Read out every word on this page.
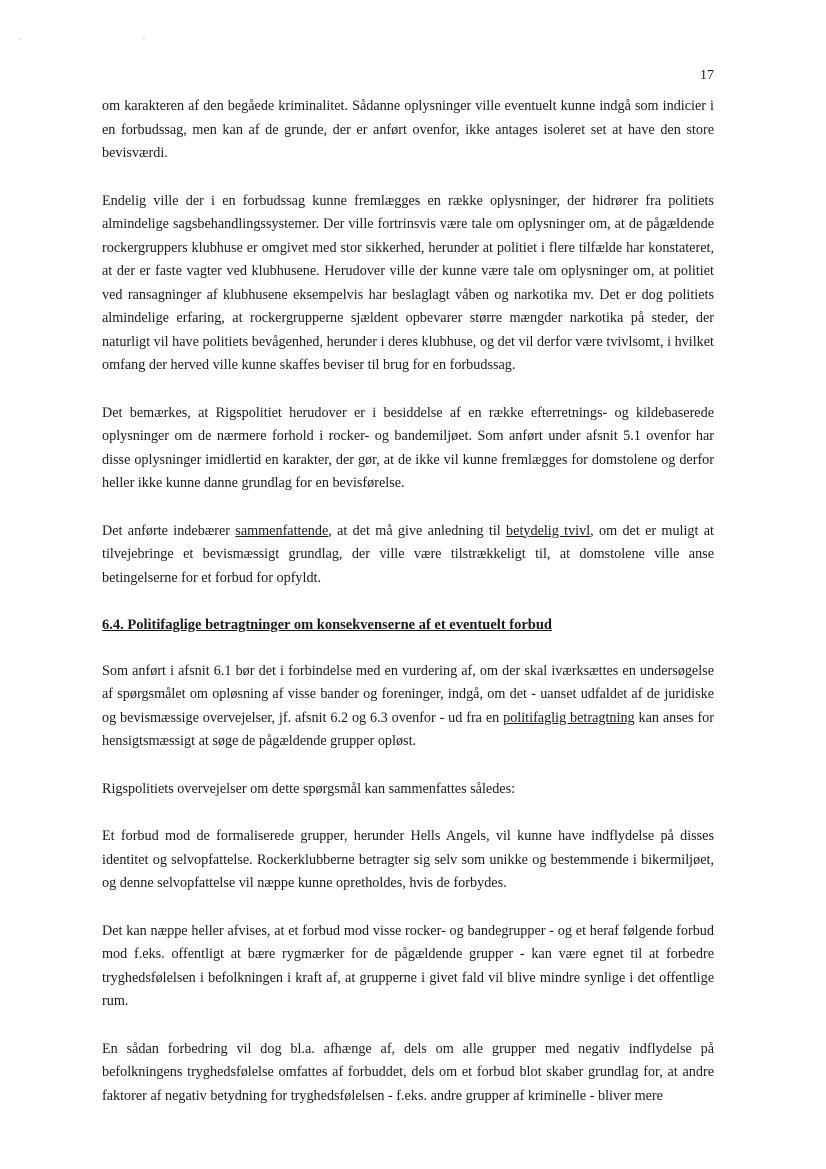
· ·
17

om karakteren af den begåede kriminalitet. Sådanne oplysninger ville eventuelt kunne indgå som indicier i en forbudssag, men kan af de grunde, der er anført ovenfor, ikke antages isoleret set at have den store bevisværdi.

Endelig ville der i en forbudssag kunne fremlægges en række oplysninger, der hidrører fra politiets almindelige sagsbehandlingssystemer. Der ville fortrinsvis være tale om oplysninger om, at de pågældende rockergruppers klubhuse er omgivet med stor sikkerhed, herunder at politiet i flere tilfælde har konstateret, at der er faste vagter ved klubhusene. Herudover ville der kunne være tale om oplysninger om, at politiet ved ransagninger af klubhusene eksempelvis har beslaglagt våben og narkotika mv. Det er dog politiets almindelige erfaring, at rockergrupperne sjældent opbevarer større mængder narkotika på steder, der naturligt vil have politiets bevågenhed, herunder i deres klubhuse, og det vil derfor være tvivlsomt, i hvilket omfang der herved ville kunne skaffes beviser til brug for en forbudssag.

Det bemærkes, at Rigspolitiet herudover er i besiddelse af en række efterretnings- og kildebaserede oplysninger om de nærmere forhold i rocker- og bandemiljøet. Som anført under afsnit 5.1 ovenfor har disse oplysninger imidlertid en karakter, der gør, at de ikke vil kunne fremlægges for domstolene og derfor heller ikke kunne danne grundlag for en bevisførelse.

Det anførte indebærer sammenfattende, at det må give anledning til betydelig tvivl, om det er muligt at tilvejebringe et bevismæssigt grundlag, der ville være tilstrækkeligt til, at domstolene ville anse betingelserne for et forbud for opfyldt.

6.4. Politifaglige betragtninger om konsekvenserne af et eventuelt forbud

Som anført i afsnit 6.1 bør det i forbindelse med en vurdering af, om der skal iværksættes en undersøgelse af spørgsmålet om opløsning af visse bander og foreninger, indgå, om det - uanset udfaldet af de juridiske og bevismæssige overvejelser, jf. afsnit 6.2 og 6.3 ovenfor - ud fra en politifaglig betragtning kan anses for hensigtsmæssigt at søge de pågældende grupper opløst.

Rigspolitiets overvejelser om dette spørgsmål kan sammenfattes således:

Et forbud mod de formaliserede grupper, herunder Hells Angels, vil kunne have indflydelse på disses identitet og selvopfattelse. Rockerklubberne betragter sig selv som unikke og bestemmende i bikermiljøet, og denne selvopfattelse vil næppe kunne opretholdes, hvis de forbydes.

Det kan næppe heller afvises, at et forbud mod visse rocker- og bandegrupper - og et heraf følgende forbud mod f.eks. offentligt at bære rygmærker for de pågældende grupper - kan være egnet til at forbedre tryghedsfølelsen i befolkningen i kraft af, at grupperne i givet fald vil blive mindre synlige i det offentlige rum.

En sådan forbedring vil dog bl.a. afhænge af, dels om alle grupper med negativ indflydelse på befolkningens tryghedsfølelse omfattes af forbuddet, dels om et forbud blot skaber grundlag for, at andre faktorer af negativ betydning for tryghedsfølelsen - f.eks. andre grupper af kriminelle - bliver mere
